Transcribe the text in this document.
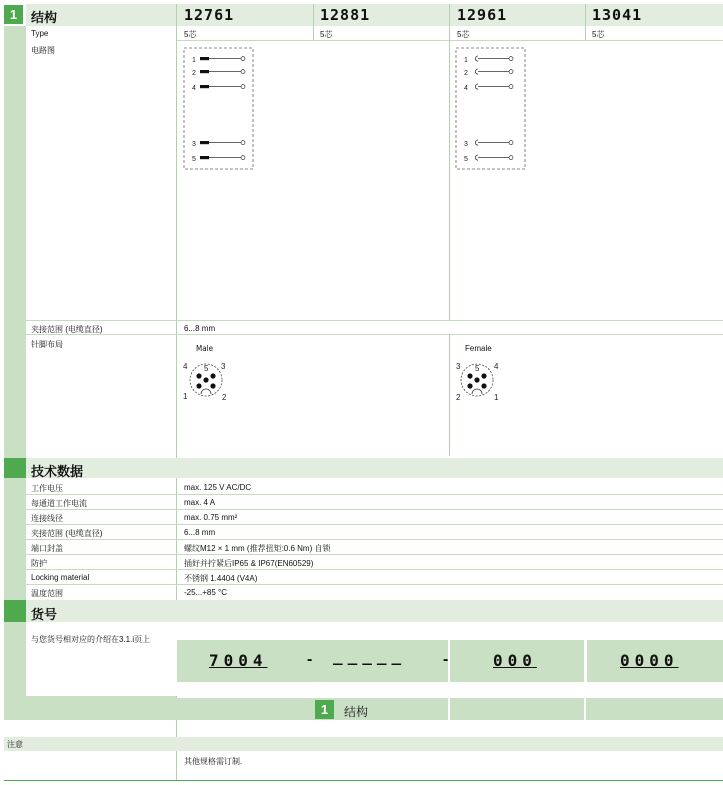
1	结构	12761	12881	12961	13041
Type	5芯	5芯	5芯	5芯
电路图
1
2
4
3
5
1
2
4
3
5
夹接范围 (电缆直径)	6...8 mm
针脚布局	Male
4 5 3
1	2
Female
3 5 4
2	1
技术数据
工作电压	max. 125 V AC/DC
每通道工作电流	max. 4 A
连接线径	max. 0.75 mm²
夹接范围 (电缆直径)	6...8 mm
端口封盖	螺纹M12 × 1 mm (推荐扭矩:0.6 Nm) 自锁
防护	插好并拧紧后IP65 & IP67(EN60529)
Locking material	不锈钢 1.4404 (V4A)
温度范围	-25...+85 °C
货号
与您货号相对应的介绍在3.1.i页上
7004 - _____ -	000	0000
1	结构
注意
其他规格需订制.
